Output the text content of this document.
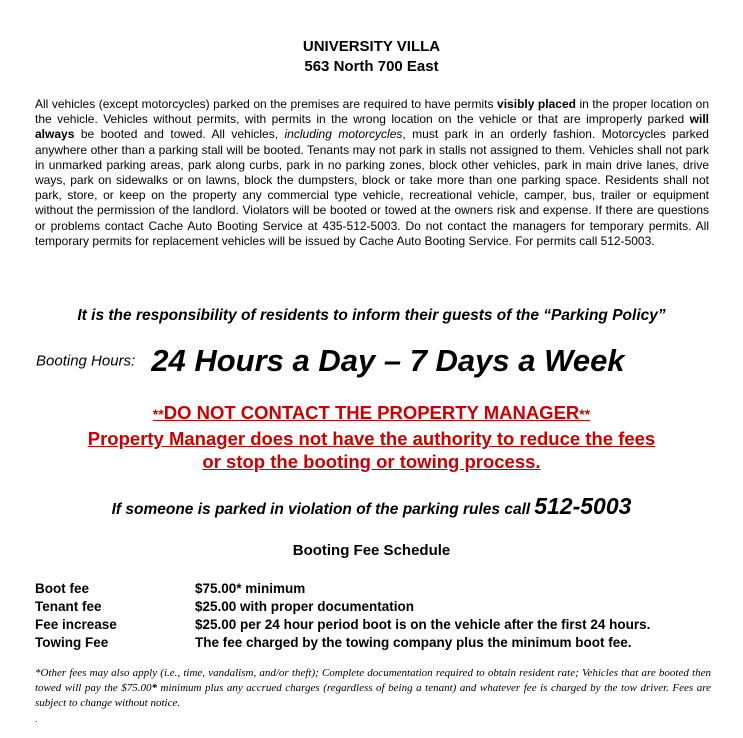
UNIVERSITY VILLA
563 North 700 East
All vehicles (except motorcycles) parked on the premises are required to have permits visibly placed in the proper location on the vehicle. Vehicles without permits, with permits in the wrong location on the vehicle or that are improperly parked will always be booted and towed. All vehicles, including motorcycles, must park in an orderly fashion. Motorcycles parked anywhere other than a parking stall will be booted. Tenants may not park in stalls not assigned to them. Vehicles shall not park in unmarked parking areas, park along curbs, park in no parking zones, block other vehicles, park in main drive lanes, drive ways, park on sidewalks or on lawns, block the dumpsters, block or take more than one parking space. Residents shall not park, store, or keep on the property any commercial type vehicle, recreational vehicle, camper, bus, trailer or equipment without the permission of the landlord. Violators will be booted or towed at the owners risk and expense. If there are questions or problems contact Cache Auto Booting Service at 435-512-5003. Do not contact the managers for temporary permits. All temporary permits for replacement vehicles will be issued by Cache Auto Booting Service. For permits call 512-5003.
It is the responsibility of residents to inform their guests of the “Parking Policy”
Booting Hours: 24 Hours a Day – 7 Days a Week
**DO NOT CONTACT THE PROPERTY MANAGER**
Property Manager does not have the authority to reduce the fees
or stop the booting or towing process.
If someone is parked in violation of the parking rules call 512-5003
Booting Fee Schedule
Boot fee	$75.00* minimum
Tenant fee	$25.00 with proper documentation
Fee increase	$25.00 per 24 hour period boot is on the vehicle after the first 24 hours.
Towing Fee	The fee charged by the towing company plus the minimum boot fee.
*Other fees may also apply (i.e., time, vandalism, and/or theft); Complete documentation required to obtain resident rate; Vehicles that are booted then towed will pay the $75.00* minimum plus any accrued charges (regardless of being a tenant) and whatever fee is charged by the tow driver. Fees are subject to change without notice.
.
